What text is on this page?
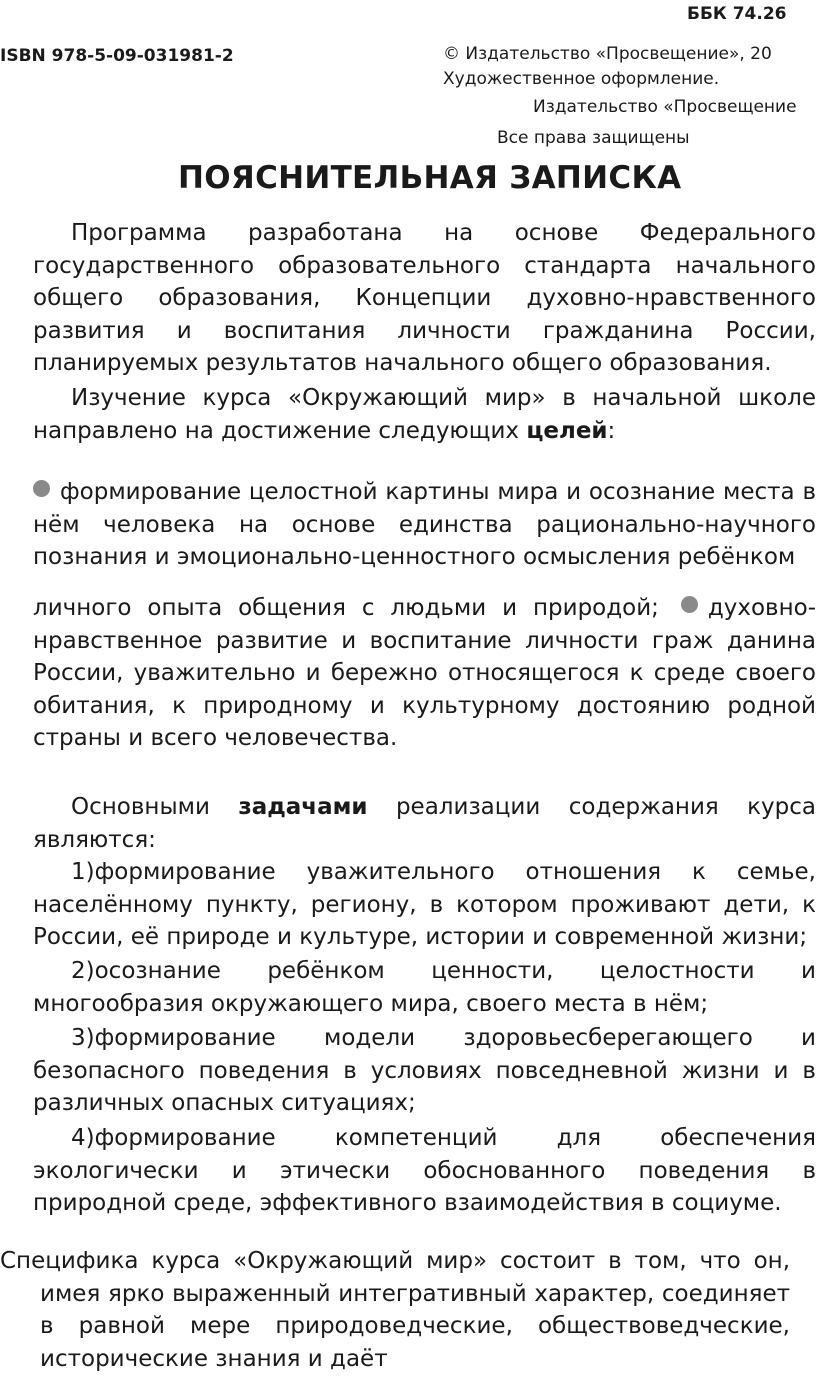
ББК 74.26
ISBN 978-5-09-031981-2	© Издательство «Просвещение», 20
Художественное оформление.
Издательство «Просвещение
Все права защищены
ПОЯСНИТЕЛЬНАЯ ЗАПИСКА
Программа разработана на основе Федерального государственного образовательного стандарта начального общего образования, Концепции духовно-нравственного развития и воспитания личности гражданина России, планируемых результатов начального общего образования.
Изучение курса «Окружающий мир» в начальной школе направлено на достижение следующих целей:
формирование целостной картины мира и осознание места в нём человека на основе единства рационально-научного познания и эмоционально-ценностного осмысления ребёнком
личного опыта общения с людьми и природой; духовно-нравственное развитие и воспитание личности граж данина России, уважительно и бережно относящегося к среде своего обитания, к природному и культурному достоянию родной страны и всего человечества.
Основными задачами реализации содержания курса являются:
1)формирование уважительного отношения к семье, населённому пункту, региону, в котором проживают дети, к России, её природе и культуре, истории и современной жизни;
2)осознание ребёнком ценности, целостности и многообразия окружающего мира, своего места в нём;
3)формирование модели здоровьесберегающего и безопасного поведения в условиях повседневной жизни и в различных опасных ситуациях;
4)формирование компетенций для обеспечения экологически и этически обоснованного поведения в природной среде, эффективного взаимодействия в социуме.
Специфика курса «Окружающий мир» состоит в том, что он, имея ярко выраженный интегративный характер, соединяет в равной мере природоведческие, обществоведческие, исторические знания и даёт
